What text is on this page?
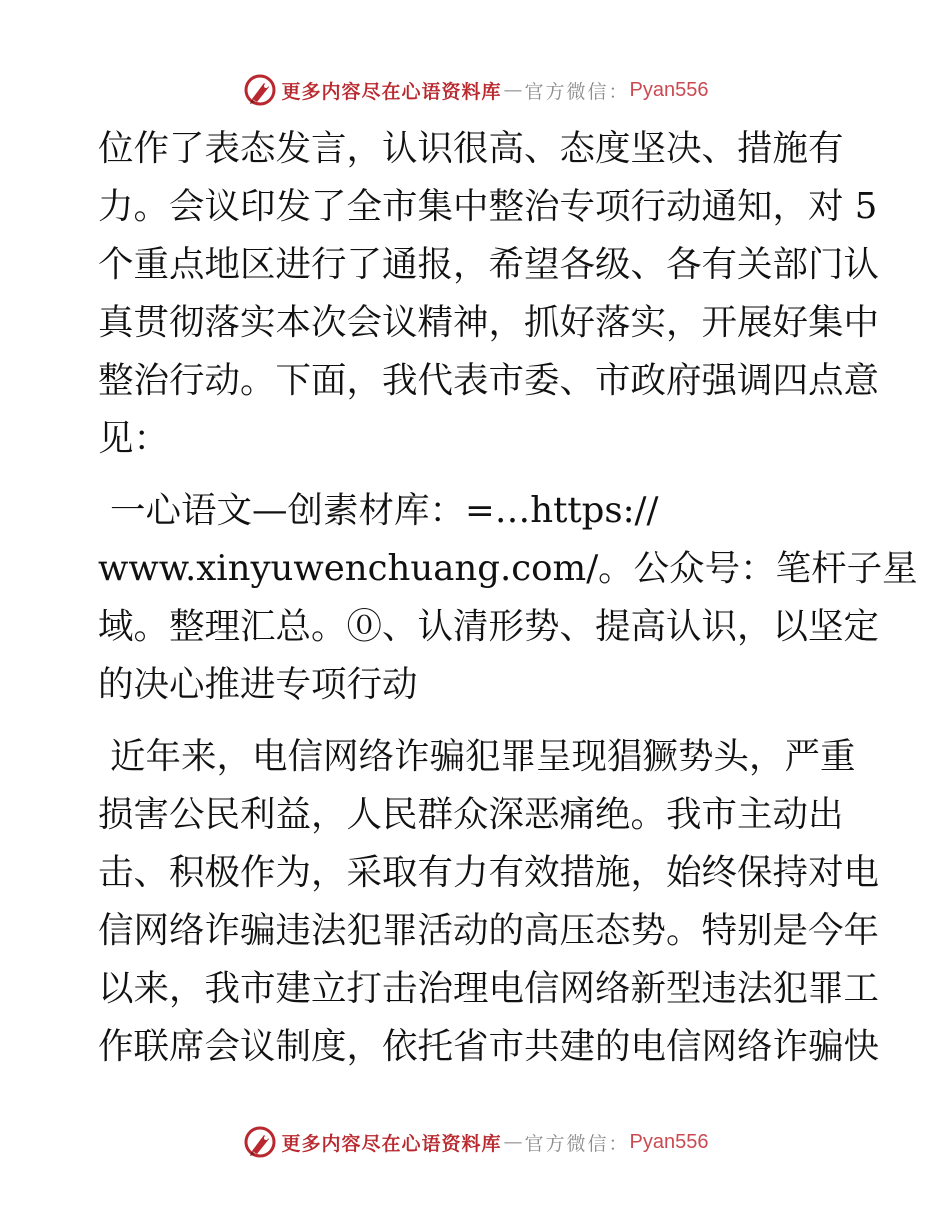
更多内容尽在心语资料库 — 官方微信： Pyan556

位作了表态发言，认识很高、态度坚决、措施有

力。会议印发了全市集中整治专项行动通知，对 5

个重点地区进行了通报，希望各级、各有关部门认

真贯彻落实本次会议精神，抓好落实，开展好集中

整治行动。下面，我代表市委、市政府强调四点意

见：

一心语文—创素材库：=…https://

www.xinyuwenchuang.com/。公众号：笔杆子星

域。整理汇总。⓪、认清形势、提高认识，以坚定

的决心推进专项行动

近年来，电信网络诈骗犯罪呈现猖獗势头，严重

损害公民利益，人民群众深恶痛绝。我市主动出

击、积极作为，采取有力有效措施，始终保持对电

信网络诈骗违法犯罪活动的高压态势。特别是今年

以来，我市建立打击治理电信网络新型违法犯罪工

作联席会议制度，依托省市共建的电信网络诈骗快

更多内容尽在心语资料库 — 官方微信： Pyan556
